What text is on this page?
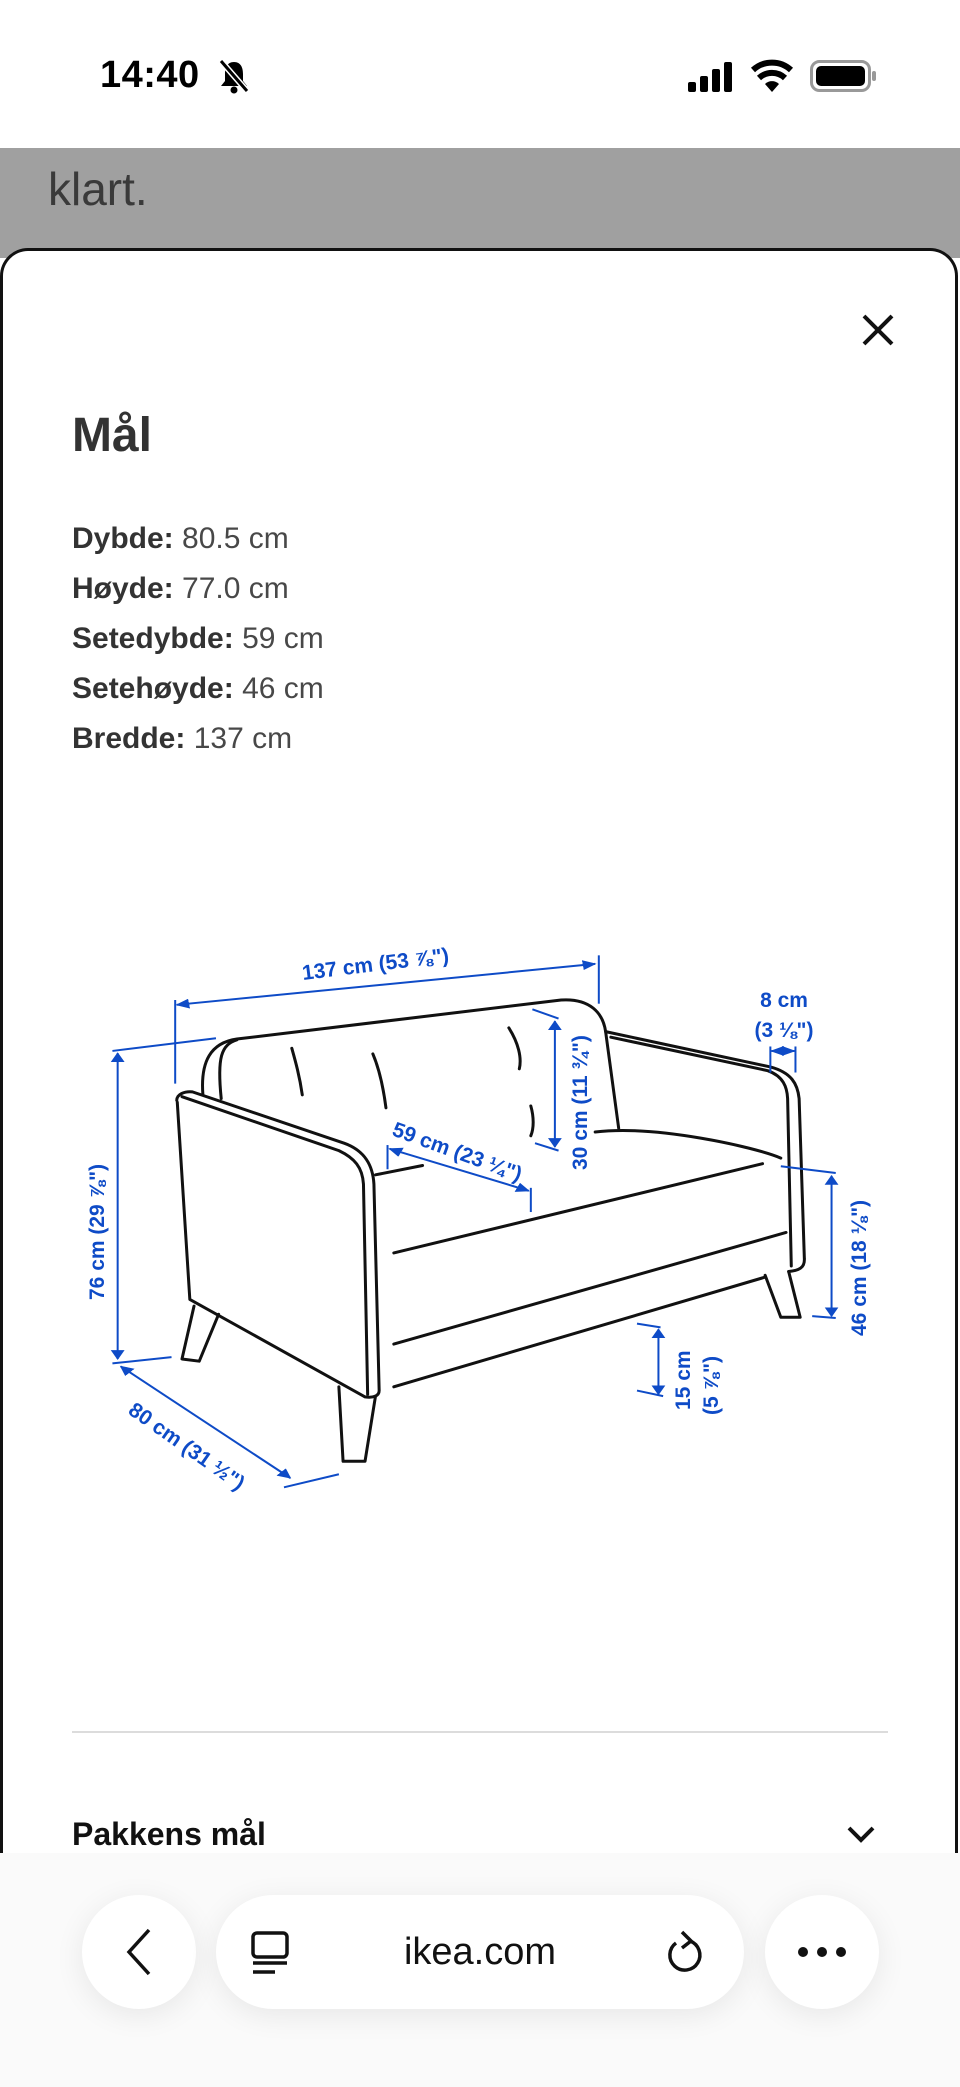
14:40
klart.
Mål
Dybde: 80.5 cm
Høyde: 77.0 cm
Setedybde: 59 cm
Setehøyde: 46 cm
Bredde: 137 cm
137 cm (53 ⅞")
8 cm
(3 ⅛")
30 cm (11 ¾")
59 cm (23 ¼")
76 cm (29 ⅞")	46 cm (18 ⅛")
15 cm (5 ⅞")
80 cm (31 ½")
Pakkens mål
ikea.com
